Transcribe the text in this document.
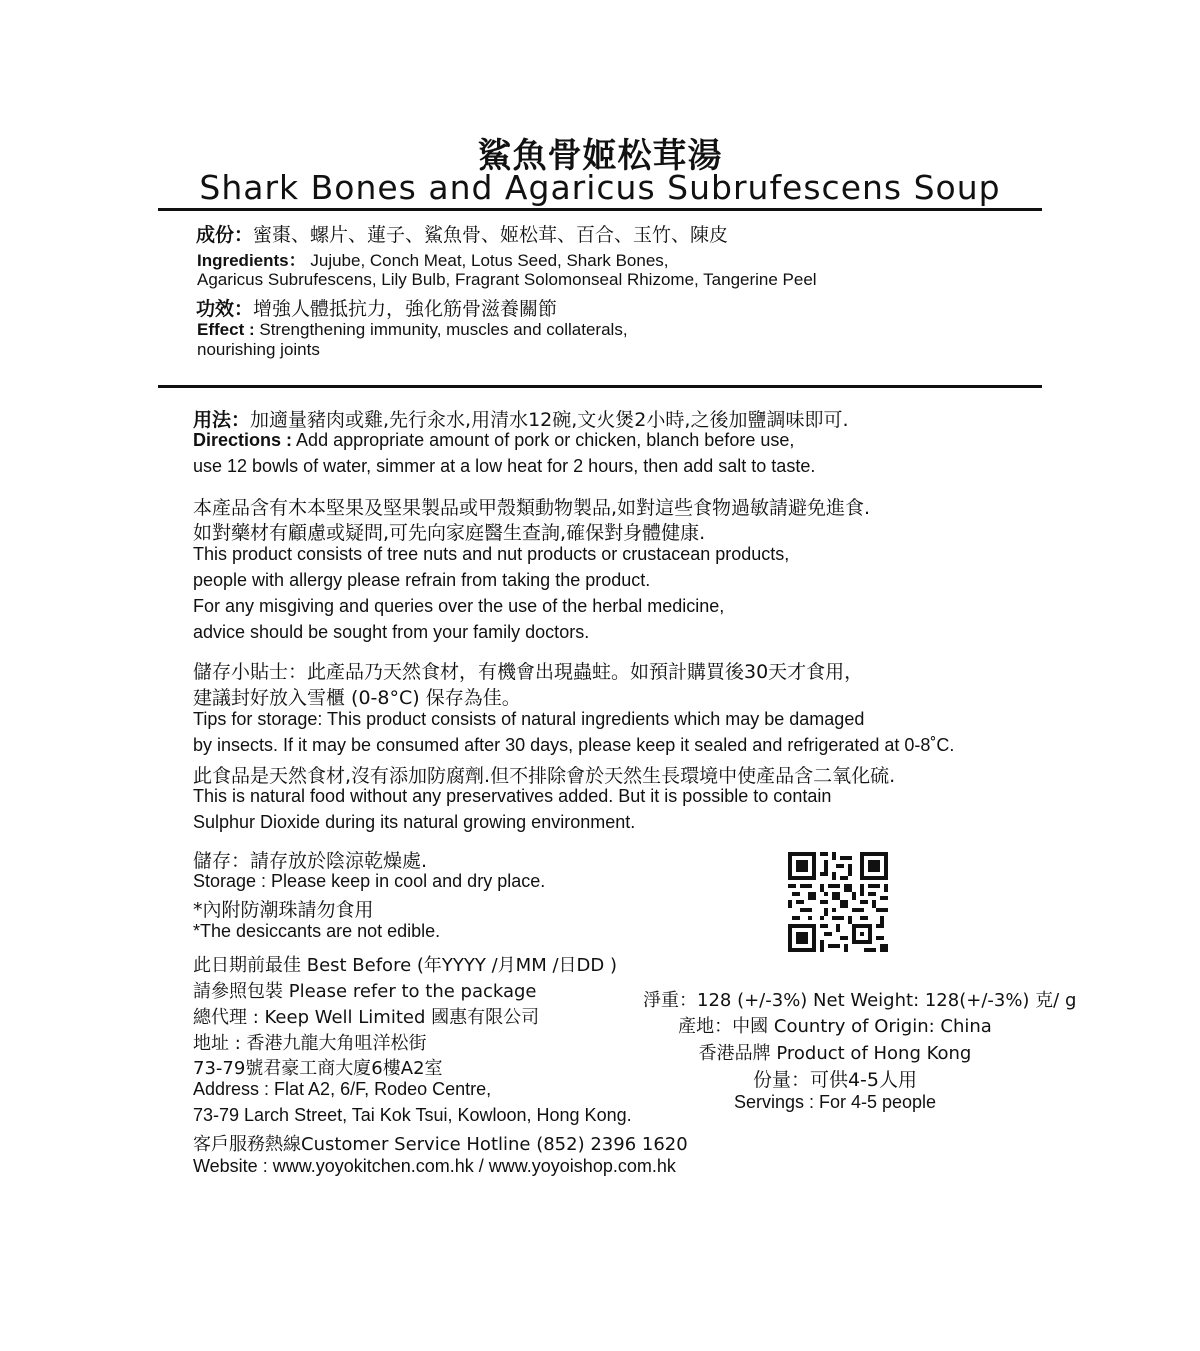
鯊魚骨姬松茸湯
Shark Bones and Agaricus Subrufescens Soup
成份：蜜棗、螺片、蓮子、鯊魚骨、姬松茸、百合、玉竹、陳皮
Ingredients： Jujube, Conch Meat, Lotus Seed, Shark Bones,
Agaricus Subrufescens, Lily Bulb, Fragrant Solomonseal Rhizome, Tangerine Peel
功效：增強人體抵抗力，強化筋骨滋養關節
Effect : Strengthening immunity, muscles and collaterals,
nourishing joints
用法：加適量豬肉或雞,先行汆水,用清水12碗,文火煲2小時,之後加鹽調味即可.
Directions : Add appropriate amount of pork or chicken, blanch before use,
use 12 bowls of water, simmer at a low heat for 2 hours, then add salt to taste.
本產品含有木本堅果及堅果製品或甲殼類動物製品,如對這些食物過敏請避免進食.
如對藥材有顧慮或疑問,可先向家庭醫生查詢,確保對身體健康.
This product consists of tree nuts and nut products or crustacean products,
people with allergy please refrain from taking the product.
For any misgiving and queries over the use of the herbal medicine,
advice should be sought from your family doctors.
儲存小貼士：此產品乃天然食材，有機會出現蟲蛀。如預計購買後30天才食用，
建議封好放入雪櫃 (0-8°C) 保存為佳。
Tips for storage: This product consists of natural ingredients which may be damaged
by insects. If it may be consumed after 30 days, please keep it sealed and refrigerated at 0-8˚C.
此食品是天然食材,沒有添加防腐劑.但不排除會於天然生長環境中使產品含二氧化硫.
This is natural food without any preservatives added. But it is possible to contain
Sulphur Dioxide during its natural growing environment.
儲存：請存放於陰涼乾燥處.
Storage : Please keep in cool and dry place.
*內附防潮珠請勿食用
*The desiccants are not edible.
此日期前最佳 Best Before (年YYYY /月MM /日DD )
請參照包裝 Please refer to the package
總代理 : Keep Well Limited 國惠有限公司
地址 : 香港九龍大角咀洋松街
73-79號君豪工商大廈6樓A2室
Address : Flat A2, 6/F, Rodeo Centre,
73-79 Larch Street, Tai Kok Tsui, Kowloon, Hong Kong.
客戶服務熱線Customer Service Hotline (852) 2396 1620
Website : www.yoyokitchen.com.hk / www.yoyoishop.com.hk
淨重：128 (+/-3%) Net Weight: 128(+/-3%) 克/ g
產地：中國 Country of Origin: China
香港品牌 Product of Hong Kong
份量：可供4-5人用
Servings : For 4-5 people
